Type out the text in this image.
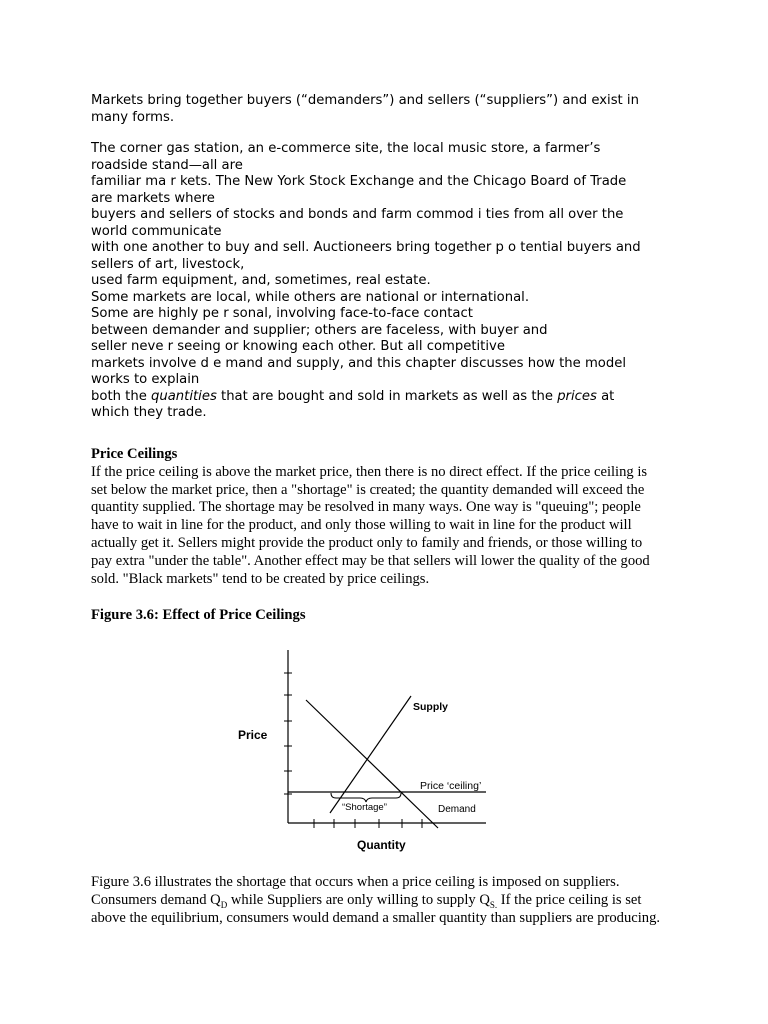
Markets bring together buyers (“demanders”) and sellers (“suppliers”) and exist in
many forms.
The corner gas station, an e-commerce site, the local music store, a farmer’s
roadside stand—all are
familiar ma r kets. The New York Stock Exchange and the Chicago Board of Trade
are markets where
buyers and sellers of stocks and bonds and farm commod i ties from all over the
world communicate
with one another to buy and sell. Auctioneers bring together p o tential buyers and
sellers of art, livestock,
used farm equipment, and, sometimes, real estate.
Some markets are local, while others are national or international.
Some are highly pe r sonal, involving face-to-face contact
between demander and supplier; others are faceless, with buyer and
seller neve r seeing or knowing each other. But all competitive
markets involve d e mand and supply, and this chapter discusses how the model
works to explain
both the quantities that are bought and sold in markets as well as the prices at
which they trade.
Price Ceilings
If the price ceiling is above the market price, then there is no direct effect. If the price ceiling is
set below the market price, then a "shortage" is created; the quantity demanded will exceed the
quantity supplied. The shortage may be resolved in many ways. One way is "queuing"; people
have to wait in line for the product, and only those willing to wait in line for the product will
actually get it. Sellers might provide the product only to family and friends, or those willing to
pay extra "under the table". Another effect may be that sellers will lower the quality of the good
sold. "Black markets" tend to be created by price ceilings.
Figure 3.6: Effect of Price Ceilings
Price
Quantity
Supply
Price ‘ceiling’
“Shortage”	Demand
Figure 3.6 illustrates the shortage that occurs when a price ceiling is imposed on suppliers.
Consumers demand $Q_D$ while Suppliers are only willing to supply $Q_{S.}$ If the price ceiling is set
above the equilibrium, consumers would demand a smaller quantity than suppliers are producing.
